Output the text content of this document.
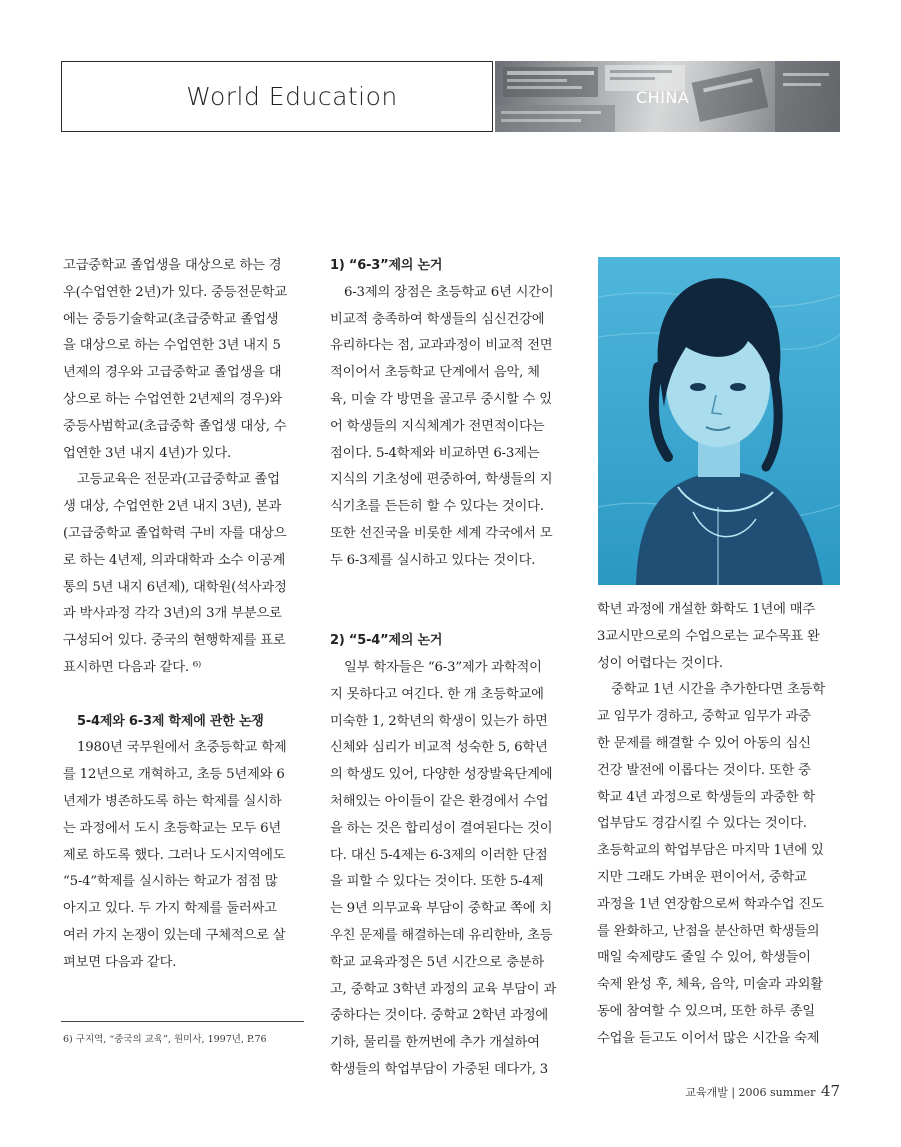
World Education	CHINA

고급중학교 졸업생을 대상으로 하는 경
우(수업연한 2년)가 있다. 중등전문학교
에는 중등기술학교(초급중학교 졸업생
을 대상으로 하는 수업연한 3년 내지 5
년제의 경우와 고급중학교 졸업생을 대
상으로 하는 수업연한 2년제의 경우)와
중등사범학교(초급중학 졸업생 대상, 수
업연한 3년 내지 4년)가 있다.

고등교육은 전문과(고급중학교 졸업
생 대상, 수업연한 2년 내지 3년), 본과
(고급중학교 졸업학력 구비 자를 대상으
로 하는 4년제, 의과대학과 소수 이공계
통의 5년 내지 6년제), 대학원(석사과정
과 박사과정 각각 3년)의 3개 부분으로
구성되어 있다. 중국의 현행학제를 표로
표시하면 다음과 같다. ⁶⁾

5-4제와 6-3제 학제에 관한 논쟁

1980년 국무원에서 초중등학교 학제
를 12년으로 개혁하고, 초등 5년제와 6
년제가 병존하도록 하는 학제를 실시하
는 과정에서 도시 초등학교는 모두 6년
제로 하도록 했다. 그러나 도시지역에도
“5-4”학제를 실시하는 학교가 점점 많
아지고 있다. 두 가지 학제를 둘러싸고
여러 가지 논쟁이 있는데 구체적으로 살
펴보면 다음과 같다.

1) “6-3”제의 논거

6-3제의 장점은 초등학교 6년 시간이
비교적 충족하여 학생들의 심신건강에
유리하다는 점, 교과과정이 비교적 전면
적이어서 초등학교 단계에서 음악, 체
육, 미술 각 방면을 골고루 중시할 수 있
어 학생들의 지식체계가 전면적이다는
점이다. 5-4학제와 비교하면 6-3제는
지식의 기초성에 편중하여, 학생들의 지
식기초를 든든히 할 수 있다는 것이다.
또한 선진국을 비롯한 세계 각국에서 모
두 6-3제를 실시하고 있다는 것이다.

2) “5-4”제의 논거

일부 학자들은 “6-3”제가 과학적이
지 못하다고 여긴다. 한 개 초등학교에
미숙한 1, 2학년의 학생이 있는가 하면
신체와 심리가 비교적 성숙한 5, 6학년
의 학생도 있어, 다양한 성장발육단계에
처해있는 아이들이 같은 환경에서 수업
을 하는 것은 합리성이 결여된다는 것이
다. 대신 5-4제는 6-3제의 이러한 단점
을 피할 수 있다는 것이다. 또한 5-4제
는 9년 의무교육 부담이 중학교 쪽에 치
우친 문제를 해결하는데 유리한바, 초등
학교 교육과정은 5년 시간으로 충분하
고, 중학교 3학년 과정의 교육 부담이 과
중하다는 것이다. 중학교 2학년 과정에
기하, 물리를 한꺼번에 추가 개설하여
학생들의 학업부담이 가중된 데다가, 3

학년 과정에 개설한 화학도 1년에 매주
3교시만으로의 수업으로는 교수목표 완
성이 어렵다는 것이다.

중학교 1년 시간을 추가한다면 초등학
교 임무가 경하고, 중학교 임무가 과중
한 문제를 해결할 수 있어 아동의 심신
건강 발전에 이롭다는 것이다. 또한 중
학교 4년 과정으로 학생들의 과중한 학
업부담도 경감시킬 수 있다는 것이다.
초등학교의 학업부담은 마지막 1년에 있
지만 그래도 가벼운 편이어서, 중학교
과정을 1년 연장함으로써 학과수업 진도
를 완화하고, 난점을 분산하면 학생들의
매일 숙제량도 줄일 수 있어, 학생들이
숙제 완성 후, 체육, 음악, 미술과 과외활
동에 참여할 수 있으며, 또한 하루 종일
수업을 듣고도 이어서 많은 시간을 숙제

6) 구지역, “중국의 교육”, 원미사, 1997년, P.76
교육개발 | 2006 summer 47
